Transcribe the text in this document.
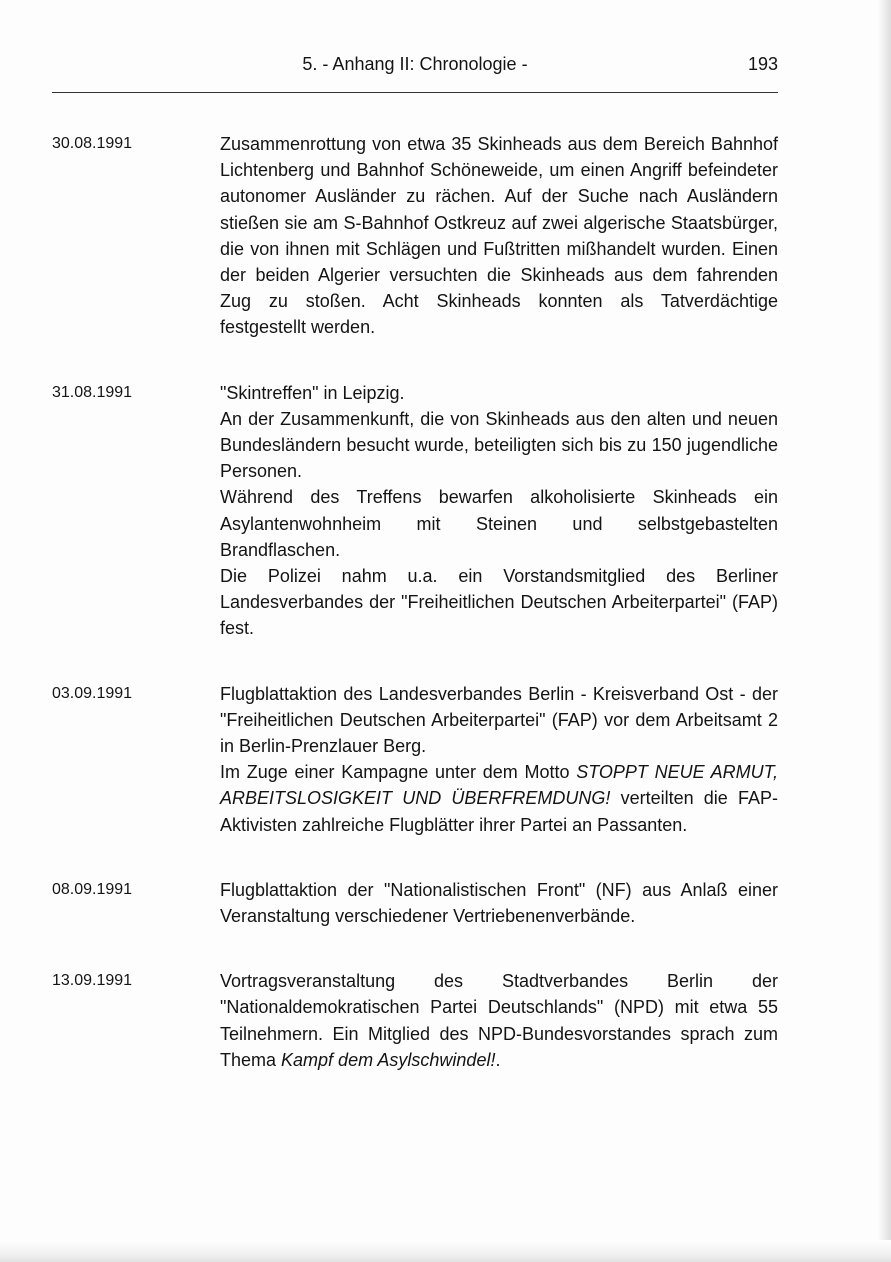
5. - Anhang II: Chronologie -	193
30.08.1991	Zusammenrottung von etwa 35 Skinheads aus dem Bereich Bahnhof Lichtenberg und Bahnhof Schöneweide, um einen Angriff befeindeter autonomer Ausländer zu rächen. Auf der Suche nach Ausländern stießen sie am S-Bahnhof Ostkreuz auf zwei algerische Staatsbürger, die von ihnen mit Schlägen und Fußtritten mißhandelt wurden. Einen der beiden Algerier versuchten die Skinheads aus dem fahrenden Zug zu stoßen. Acht Skinheads konnten als Tatverdächtige festgestellt werden.

31.08.1991	"Skintreffen" in Leipzig.

An der Zusammenkunft, die von Skinheads aus den alten und neuen Bundesländern besucht wurde, beteiligten sich bis zu 150 jugendliche Personen.

Während des Treffens bewarfen alkoholisierte Skinheads ein Asylantenwohnheim mit Steinen und selbstgebastelten Brandflaschen.

Die Polizei nahm u.a. ein Vorstandsmitglied des Berliner Landesverbandes der "Freiheitlichen Deutschen Arbeiterpartei" (FAP) fest.

03.09.1991	Flugblattaktion des Landesverbandes Berlin - Kreisverband Ost - der "Freiheitlichen Deutschen Arbeiterpartei" (FAP) vor dem Arbeitsamt 2 in Berlin-Prenzlauer Berg.

Im Zuge einer Kampagne unter dem Motto STOPPT NEUE ARMUT, ARBEITSLOSIGKEIT UND ÜBERFREMDUNG! verteilten die FAP-Aktivisten zahlreiche Flugblätter ihrer Partei an Passanten.

08.09.1991	Flugblattaktion der "Nationalistischen Front" (NF) aus Anlaß einer Veranstaltung verschiedener Vertriebenenverbände.

13.09.1991	Vortragsveranstaltung des Stadtverbandes Berlin der "Nationaldemokratischen Partei Deutschlands" (NPD) mit etwa 55 Teilnehmern. Ein Mitglied des NPD-Bundesvorstandes sprach zum Thema Kampf dem Asylschwindel!.
